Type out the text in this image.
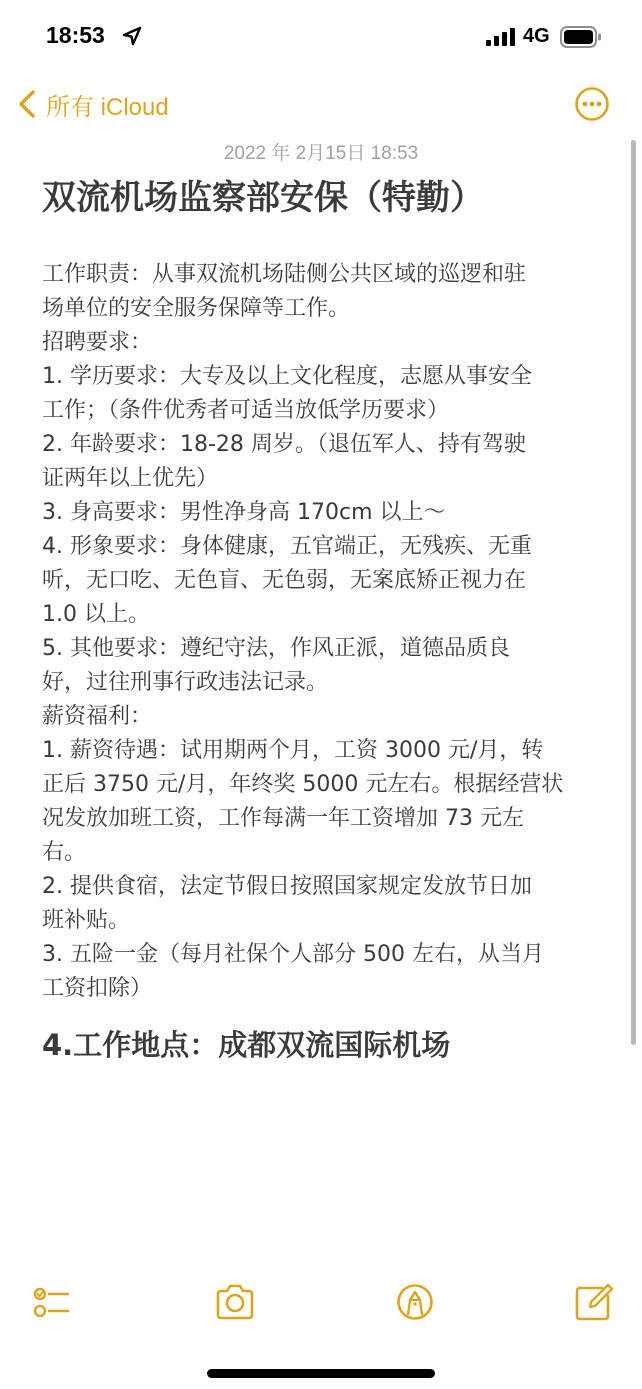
18:53	4G
所有 iCloud
2022 年 2月15日 18:53
双流机场监察部安保（特勤）
工作职责：从事双流机场陆侧公共区域的巡逻和驻
场单位的安全服务保障等工作。
招聘要求：
1. 学历要求：大专及以上文化程度，志愿从事安全
工作；（条件优秀者可适当放低学历要求）
2. 年龄要求：18-28 周岁。（退伍军人、持有驾驶
证两年以上优先）
3. 身高要求：男性净身高 170cm 以上～
4. 形象要求：身体健康，五官端正，无残疾、无重
听，无口吃、无色盲、无色弱，无案底矫正视力在
1.0 以上。
5. 其他要求：遵纪守法，作风正派，道德品质良
好，过往刑事行政违法记录。
薪资福利：
1. 薪资待遇：试用期两个月，工资 3000 元/月，转
正后 3750 元/月，年终奖 5000 元左右。根据经营状
况发放加班工资，工作每满一年工资增加 73 元左
右。
2. 提供食宿，法定节假日按照国家规定发放节日加
班补贴。
3. 五险一金（每月社保个人部分 500 左右，从当月
工资扣除）
4.工作地点：成都双流国际机场
